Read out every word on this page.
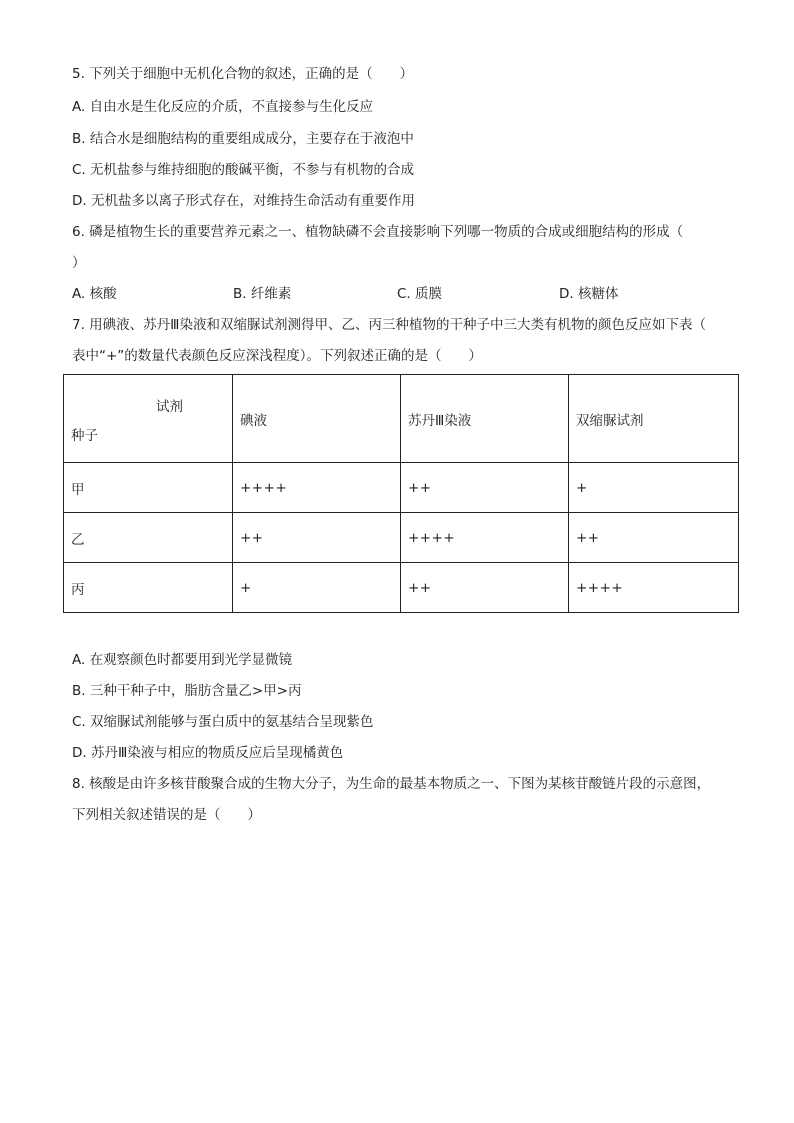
5. 下列关于细胞中无机化合物的叙述，正确的是（　　）
A. 自由水是生化反应的介质，不直接参与生化反应
B. 结合水是细胞结构的重要组成成分，主要存在于液泡中
C. 无机盐参与维持细胞的酸碱平衡，不参与有机物的合成
D. 无机盐多以离子形式存在，对维持生命活动有重要作用
6. 磷是植物生长的重要营养元素之一、植物缺磷不会直接影响下列哪一物质的合成或细胞结构的形成（
）
A. 核酸	B. 纤维素	C. 质膜	D. 核糖体
7. 用碘液、苏丹Ⅲ染液和双缩脲试剂测得甲、乙、丙三种植物的干种子中三大类有机物的颜色反应如下表（
表中“+”的数量代表颜色反应深浅程度）。下列叙述正确的是（　　）
试剂
种子	碘液	苏丹Ⅲ染液	双缩脲试剂
甲	++++	++	+
乙	++	++++	++
丙	+	++	++++
A. 在观察颜色时都要用到光学显微镜
B. 三种干种子中，脂肪含量乙>甲>丙
C. 双缩脲试剂能够与蛋白质中的氨基结合呈现紫色
D. 苏丹Ⅲ染液与相应的物质反应后呈现橘黄色
8. 核酸是由许多核苷酸聚合成的生物大分子，为生命的最基本物质之一、下图为某核苷酸链片段的示意图，
下列相关叙述错误的是（　　）
